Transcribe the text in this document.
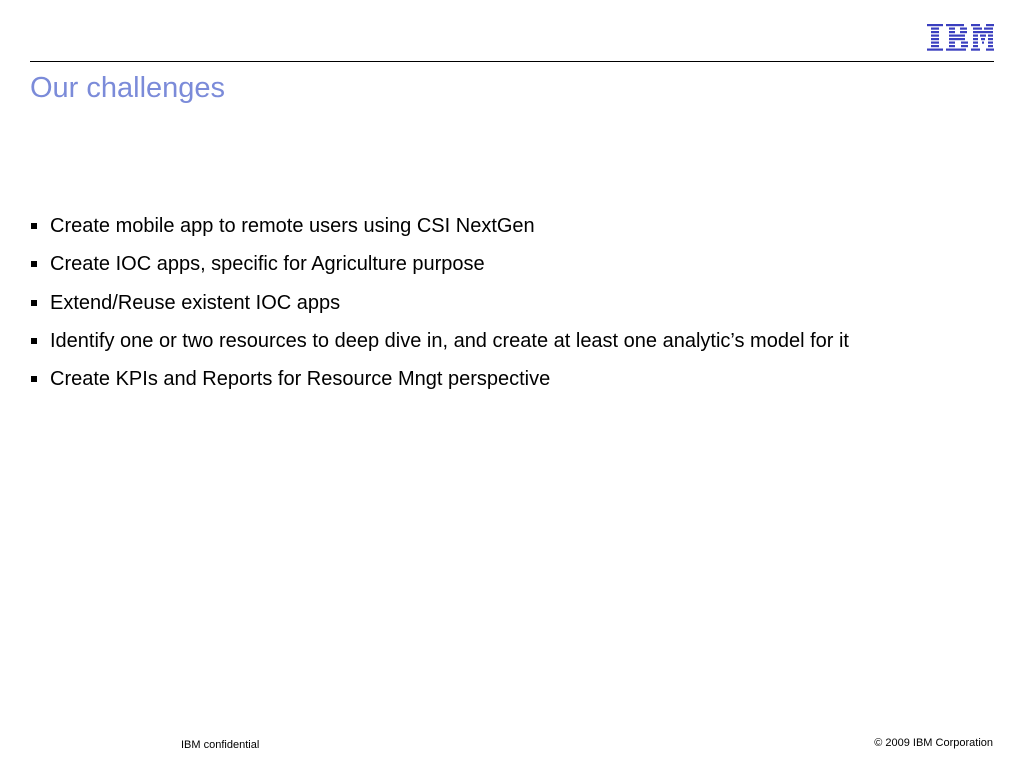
Our challenges
Create mobile app to remote users using CSI NextGen
Create IOC apps, specific for Agriculture purpose
Extend/Reuse existent IOC apps
Identify one or two resources to deep dive in, and create at least one analytic’s model for it
Create KPIs and Reports for Resource Mngt perspective
IBM confidential	© 2009 IBM Corporation
